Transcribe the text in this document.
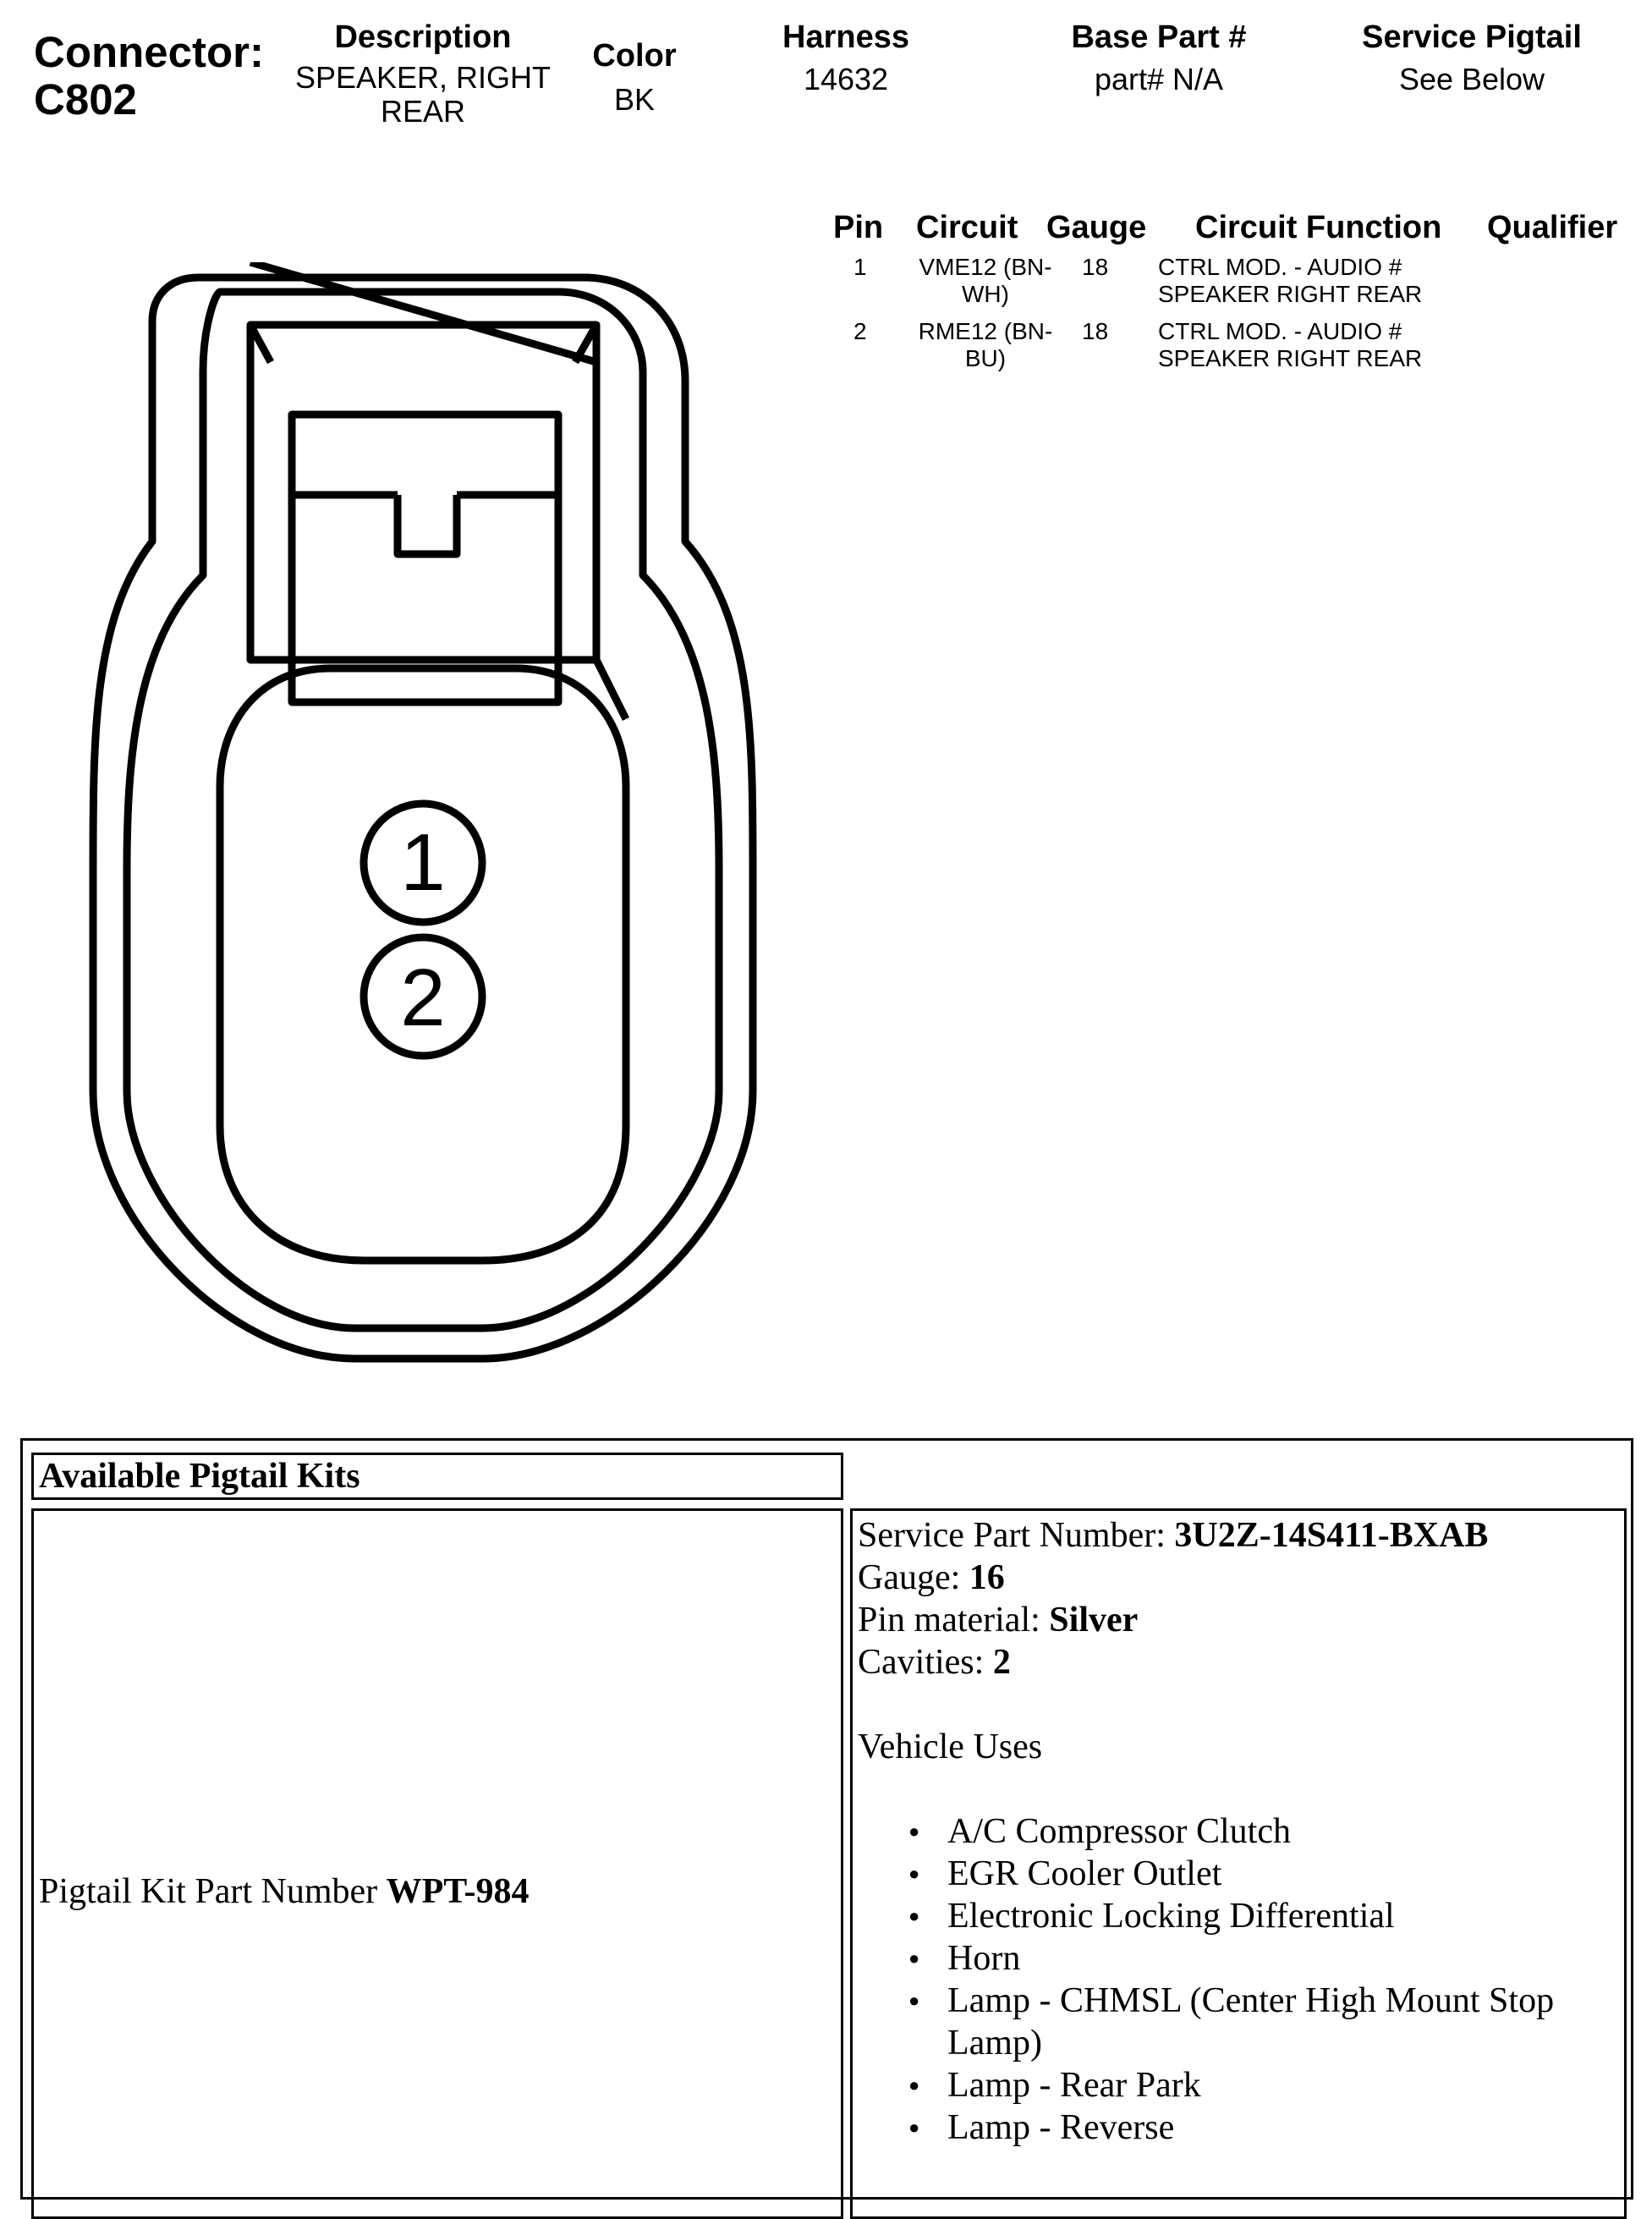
Connector:
C802
Description
SPEAKER, RIGHT
REAR
Color
BK
Harness
14632
Base Part #
part# N/A
Service Pigtail
See Below
Pin Circuit Gauge Circuit Function Qualifier
1	VME12 (BN-
WH)
18 CTRL MOD. - AUDIO #
SPEAKER RIGHT REAR
2	RME12 (BN-
BU)
18 CTRL MOD. - AUDIO #
SPEAKER RIGHT REAR
1
2
Available Pigtail Kits
Pigtail Kit Part Number WPT-984
Service Part Number: 3U2Z-14S411-BXAB
Gauge: 16
Pin material: Silver
Cavities: 2
Vehicle Uses
● A/C Compressor Clutch
● EGR Cooler Outlet
● Electronic Locking Differential
● Horn
● Lamp - CHMSL (Center High Mount Stop Lamp)
● Lamp - Rear Park
● Lamp - Reverse
